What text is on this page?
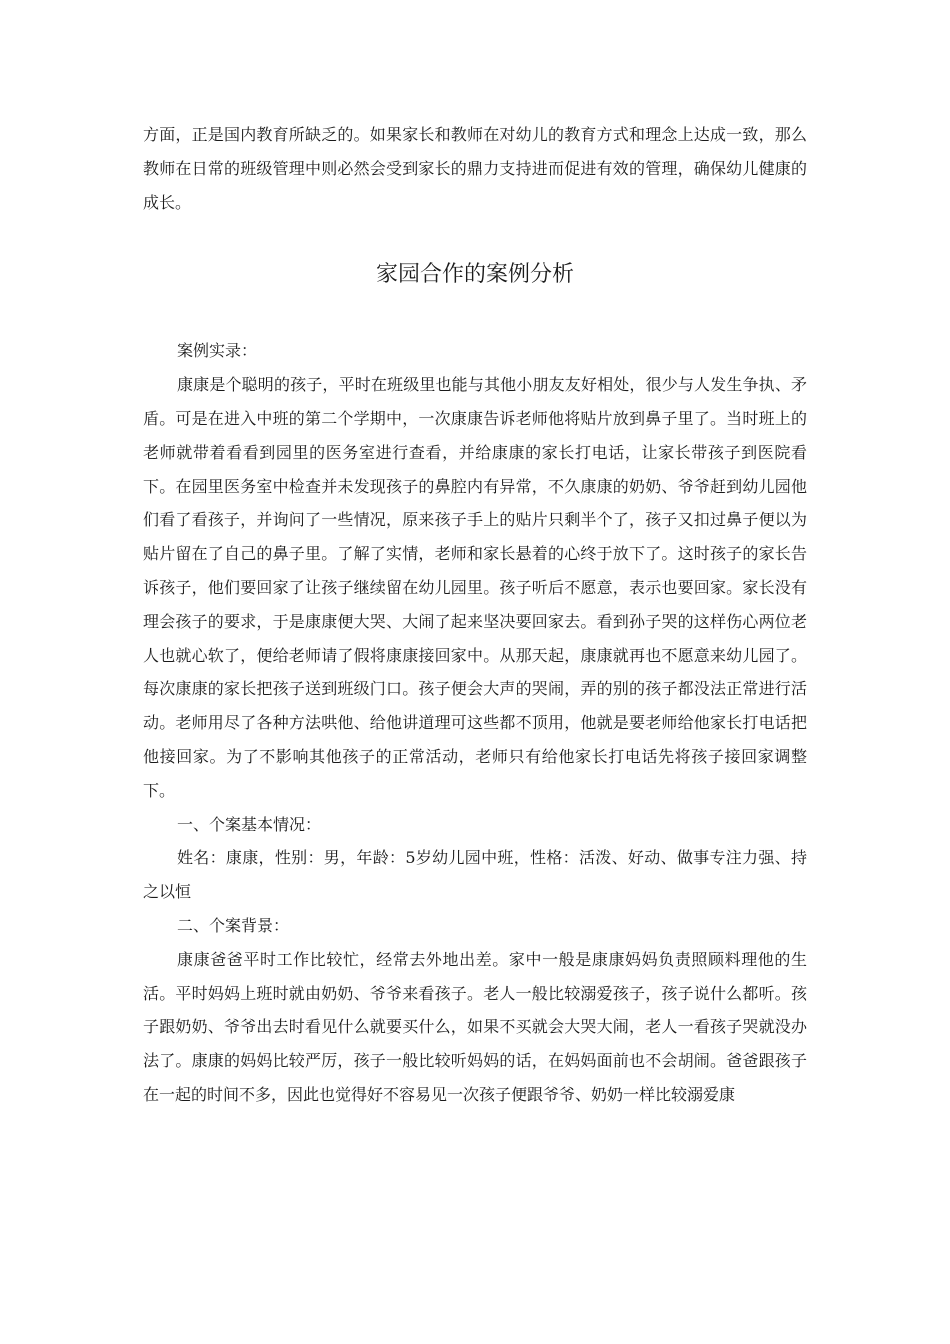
方面，正是国内教育所缺乏的。如果家长和教师在对幼儿的教育方式和理念上达成一致，那么教师在日常的班级管理中则必然会受到家长的鼎力支持进而促进有效的管理，确保幼儿健康的成长。

家园合作的案例分析

案例实录：

康康是个聪明的孩子，平时在班级里也能与其他小朋友友好相处，很少与人发生争执、矛盾。可是在进入中班的第二个学期中，一次康康告诉老师他将贴片放到鼻子里了。当时班上的老师就带着看看到园里的医务室进行查看，并给康康的家长打电话，让家长带孩子到医院看下。在园里医务室中检查并未发现孩子的鼻腔内有异常，不久康康的奶奶、爷爷赶到幼儿园他们看了看孩子，并询问了一些情况，原来孩子手上的贴片只剩半个了，孩子又扣过鼻子便以为贴片留在了自己的鼻子里。了解了实情，老师和家长悬着的心终于放下了。这时孩子的家长告诉孩子，他们要回家了让孩子继续留在幼儿园里。孩子听后不愿意，表示也要回家。家长没有理会孩子的要求，于是康康便大哭、大闹了起来坚决要回家去。看到孙子哭的这样伤心两位老人也就心软了，便给老师请了假将康康接回家中。从那天起，康康就再也不愿意来幼儿园了。每次康康的家长把孩子送到班级门口。孩子便会大声的哭闹，弄的别的孩子都没法正常进行活动。老师用尽了各种方法哄他、给他讲道理可这些都不顶用，他就是要老师给他家长打电话把他接回家。为了不影响其他孩子的正常活动，老师只有给他家长打电话先将孩子接回家调整下。

一、个案基本情况：

姓名：康康，性别：男，年龄：5岁幼儿园中班，性格：活泼、好动、做事专注力强、持之以恒

二、个案背景：

康康爸爸平时工作比较忙，经常去外地出差。家中一般是康康妈妈负责照顾料理他的生活。平时妈妈上班时就由奶奶、爷爷来看孩子。老人一般比较溺爱孩子，孩子说什么都听。孩子跟奶奶、爷爷出去时看见什么就要买什么，如果不买就会大哭大闹，老人一看孩子哭就没办法了。康康的妈妈比较严厉，孩子一般比较听妈妈的话，在妈妈面前也不会胡闹。爸爸跟孩子在一起的时间不多，因此也觉得好不容易见一次孩子便跟爷爷、奶奶一样比较溺爱康
